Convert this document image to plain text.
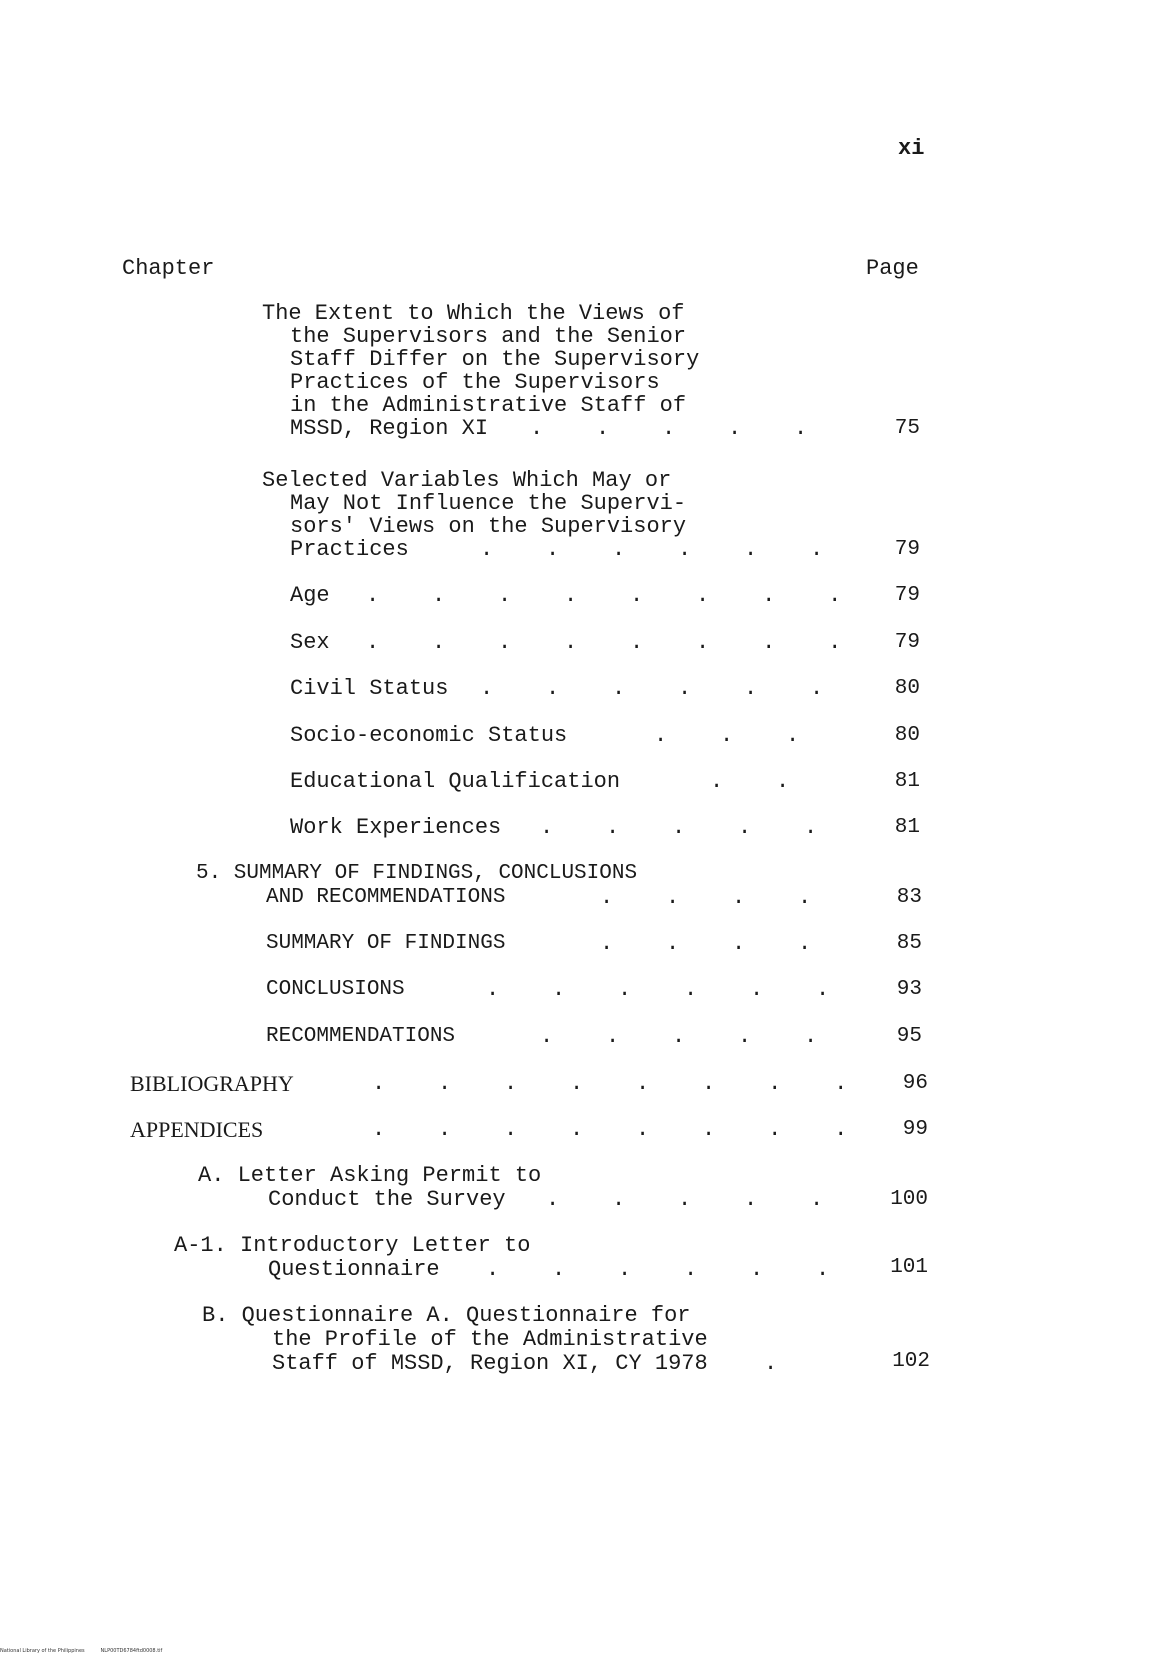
xi
Chapter	Page
The Extent to Which the Views of
the Supervisors and the Senior
Staff Differ on the Supervisory
Practices of the Supervisors
in the Administrative Staff of
MSSD, Region XI .    .    .    .    .	75
Selected Variables Which May or
May Not Influence the Supervi-
sors' Views on the Supervisory
Practices	.    .    .    .    .    .	79
Age .    .    .    .    .    .    .    .	79
Sex .    .    .    .    .    .    .    .	79
Civil Status .    .    .    .    .    .	80
Socio-economic Status	.    .    .	80
Educational Qualification	.    .	81
Work Experiences .    .    .    .    .	81
5. SUMMARY OF FINDINGS, CONCLUSIONS
AND RECOMMENDATIONS	.    .    .    .	83
SUMMARY OF FINDINGS	.    .    .    .	85
CONCLUSIONS	.    .    .    .    .    .	93
RECOMMENDATIONS	.    .    .    .    .	95
BIBLIOGRAPHY	.    .    .    .    .    .    .    .	96
APPENDICES	.    .    .    .    .    .    .    .	99
A. Letter Asking Permit to
Conduct the Survey .    .    .    .    .	100
A-1. Introductory Letter to
Questionnaire .    .    .    .    .    .	101
B. Questionnaire A. Questionnaire for
the Profile of the Administrative
Staff of MSSD, Region XI, CY 1978	.	102
National Library of the Philippines	NLP00TD6784ftd0008.tif
